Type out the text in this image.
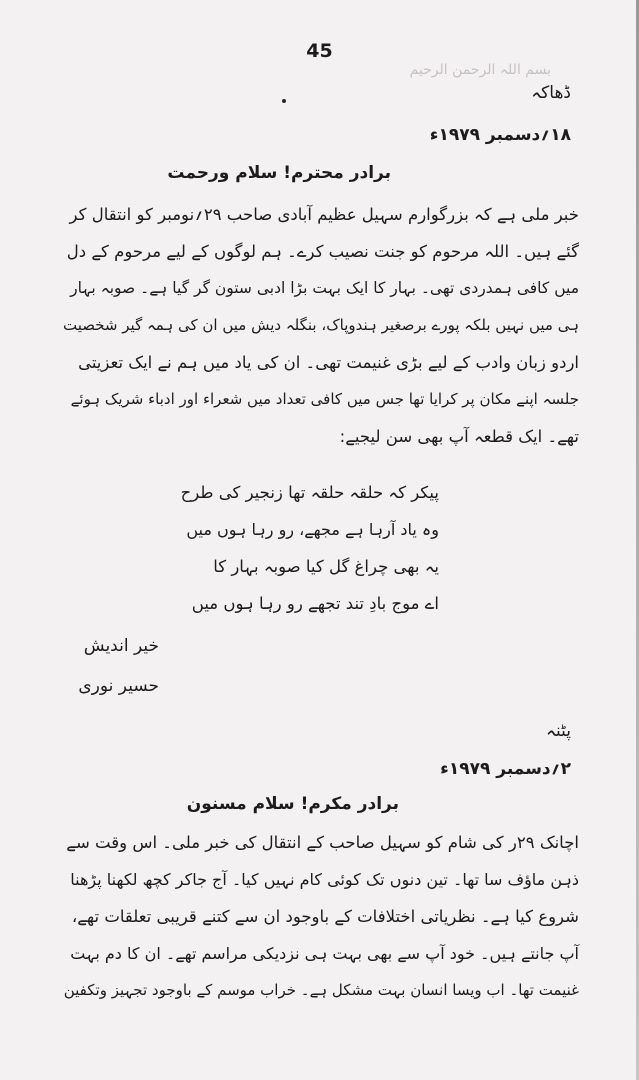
45
بسم اللہ الرحمن الرحیم
ڈھاکہ
۱۸؍دسمبر ۱۹۷۹ء
برادر محترم! سلام ورحمت
خبر ملی ہے کہ بزرگوارم سہیل عظیم آبادی صاحب ۲۹؍نومبر کو انتقال کر
گئے ہیں۔ اللہ مرحوم کو جنت نصیب کرے۔ ہم لوگوں کے لیے مرحوم کے دل
میں کافی ہمدردی تھی۔ بہار کا ایک بہت بڑا ادبی ستون گر گیا ہے۔ صوبہ بہار
ہی میں نہیں بلکہ پورے برصغیر ہندوپاک، بنگلہ دیش میں ان کی ہمہ گیر شخصیت
اردو زبان وادب کے لیے بڑی غنیمت تھی۔ ان کی یاد میں ہم نے ایک تعزیتی
جلسہ اپنے مکان پر کرایا تھا جس میں کافی تعداد میں شعراء اور ادباء شریک ہوئے
تھے۔ ایک قطعہ آپ بھی سن لیجیے:
پیکر کہ حلقہ حلقہ تھا زنجیر کی طرح
وہ یاد آرہا ہے مجھے، رو رہا ہوں میں
یہ بھی چراغ گل کیا صوبہ بہار کا
اے موج بادِ تند تجھے رو رہا ہوں میں
خیر اندیش
حسیر نوری
پٹنہ
۲؍دسمبر ۱۹۷۹ء
برادر مکرم! سلام مسنون
اچانک ۲۹ر کی شام کو سہیل صاحب کے انتقال کی خبر ملی۔ اس وقت سے
ذہن ماؤف سا تھا۔ تین دنوں تک کوئی کام نہیں کیا۔ آج جاکر کچھ لکھنا پڑھنا
شروع کیا ہے۔ نظریاتی اختلافات کے باوجود ان سے کتنے قریبی تعلقات تھے،
آپ جانتے ہیں۔ خود آپ سے بھی بہت ہی نزدیکی مراسم تھے۔ ان کا دم بہت
غنیمت تھا۔ اب ویسا انسان بہت مشکل ہے۔ خراب موسم کے باوجود تجہیز وتکفین
